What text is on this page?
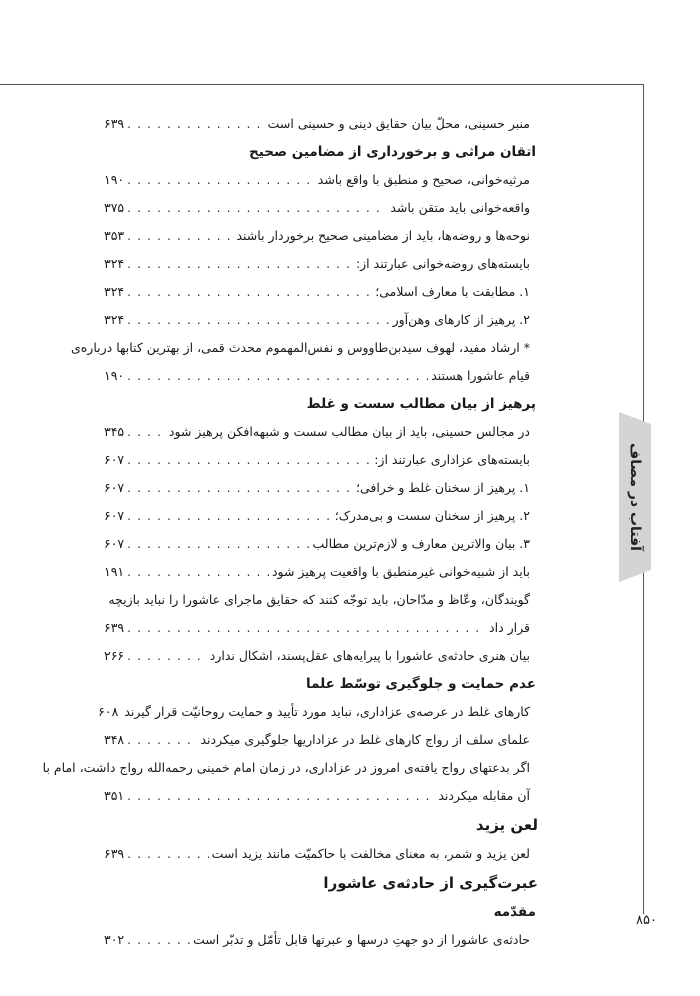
آفتاب در مصاف
۸۵۰
منبر حسینی، محلّ بیان حقایق دینی و حسینی است
. . .
۶۳۹
اتقان مراثی و برخورداری از مضامین صحیح
مرثیه‌خوانی، صحیح و منطبق با واقع باشد
. . .
۱۹۰
واقعه‌خوانی باید متقن باشد
. . .
۳۷۵
نوحه‌ها و روضه‌ها، باید از مضامینی صحیح برخوردار باشند
. . .
۳۵۳
بایسته‌های روضه‌خوانی عبارتند از:
. . .
۳۲۴
۱. مطابقت با معارف اسلامی؛
. . .
۳۲۴
۲. پرهیز از کارهای وهن‌آور
. . .
۳۲۴
* ارشاد مفید، لهوف سیدبن‌طاووس و نفس‌المهموم محدث قمی، از بهترین کتابها درباره‌ی
قیام عاشورا هستند
. . .
۱۹۰
پرهیز از بیان مطالب سست و غلط
در مجالس حسینی، باید از بیان مطالب سست و شبهه‌افکن پرهیز شود
. . .
۳۴۵
بایسته‌های عزاداری عبارتند از:
. . .
۶۰۷
۱. پرهیز از سخنان غلط و خرافی؛
. . .
۶۰۷
۲. پرهیز از سخنان سست و بی‌مدرک؛
. . .
۶۰۷
۳. بیان والاترین معارف و لازم‌ترین مطالب
. . .
۶۰۷
باید از شبیه‌خوانی غیرمنطبق با واقعیت پرهیز شود
. . .
۱۹۱
گویندگان، وعّاظ و مدّاحان، باید توجّه کنند که حقایق ماجرای عاشورا را نباید بازیچه
قرار داد
. . .
۶۳۹
بیان هنری حادثه‌ی عاشورا با پیرایه‌های عقل‌پسند، اشکال ندارد
. . .
۲۶۶
عدم حمایت و جلوگیری توسّط علما
کارهای غلط در عرصه‌ی عزاداری، نباید مورد تأیید و حمایت روحانیّت قرار گیرند
۶۰۸
علمای سلف از رواج کارهای غلط در عزاداریها جلوگیری میکردند
. . .
۳۴۸
اگر بدعتهای رواج یافته‌ی امروز در عزاداری، در زمان امام خمینی رحمه‌الله رواج داشت، امام با
آن مقابله میکردند
. . .
۳۵۱
لعن یزید
لعن یزید و شمر، به معنای مخالفت با حاکمیّت مانند یزید است
. . .
۶۳۹
عبرت‌گیری از حادثه‌ی عاشورا
مقدّمه
حادثه‌ی عاشورا از دو جهتِ درسها و عبرتها قابل تأمّل و تدبّر است
. . .
۳۰۲
